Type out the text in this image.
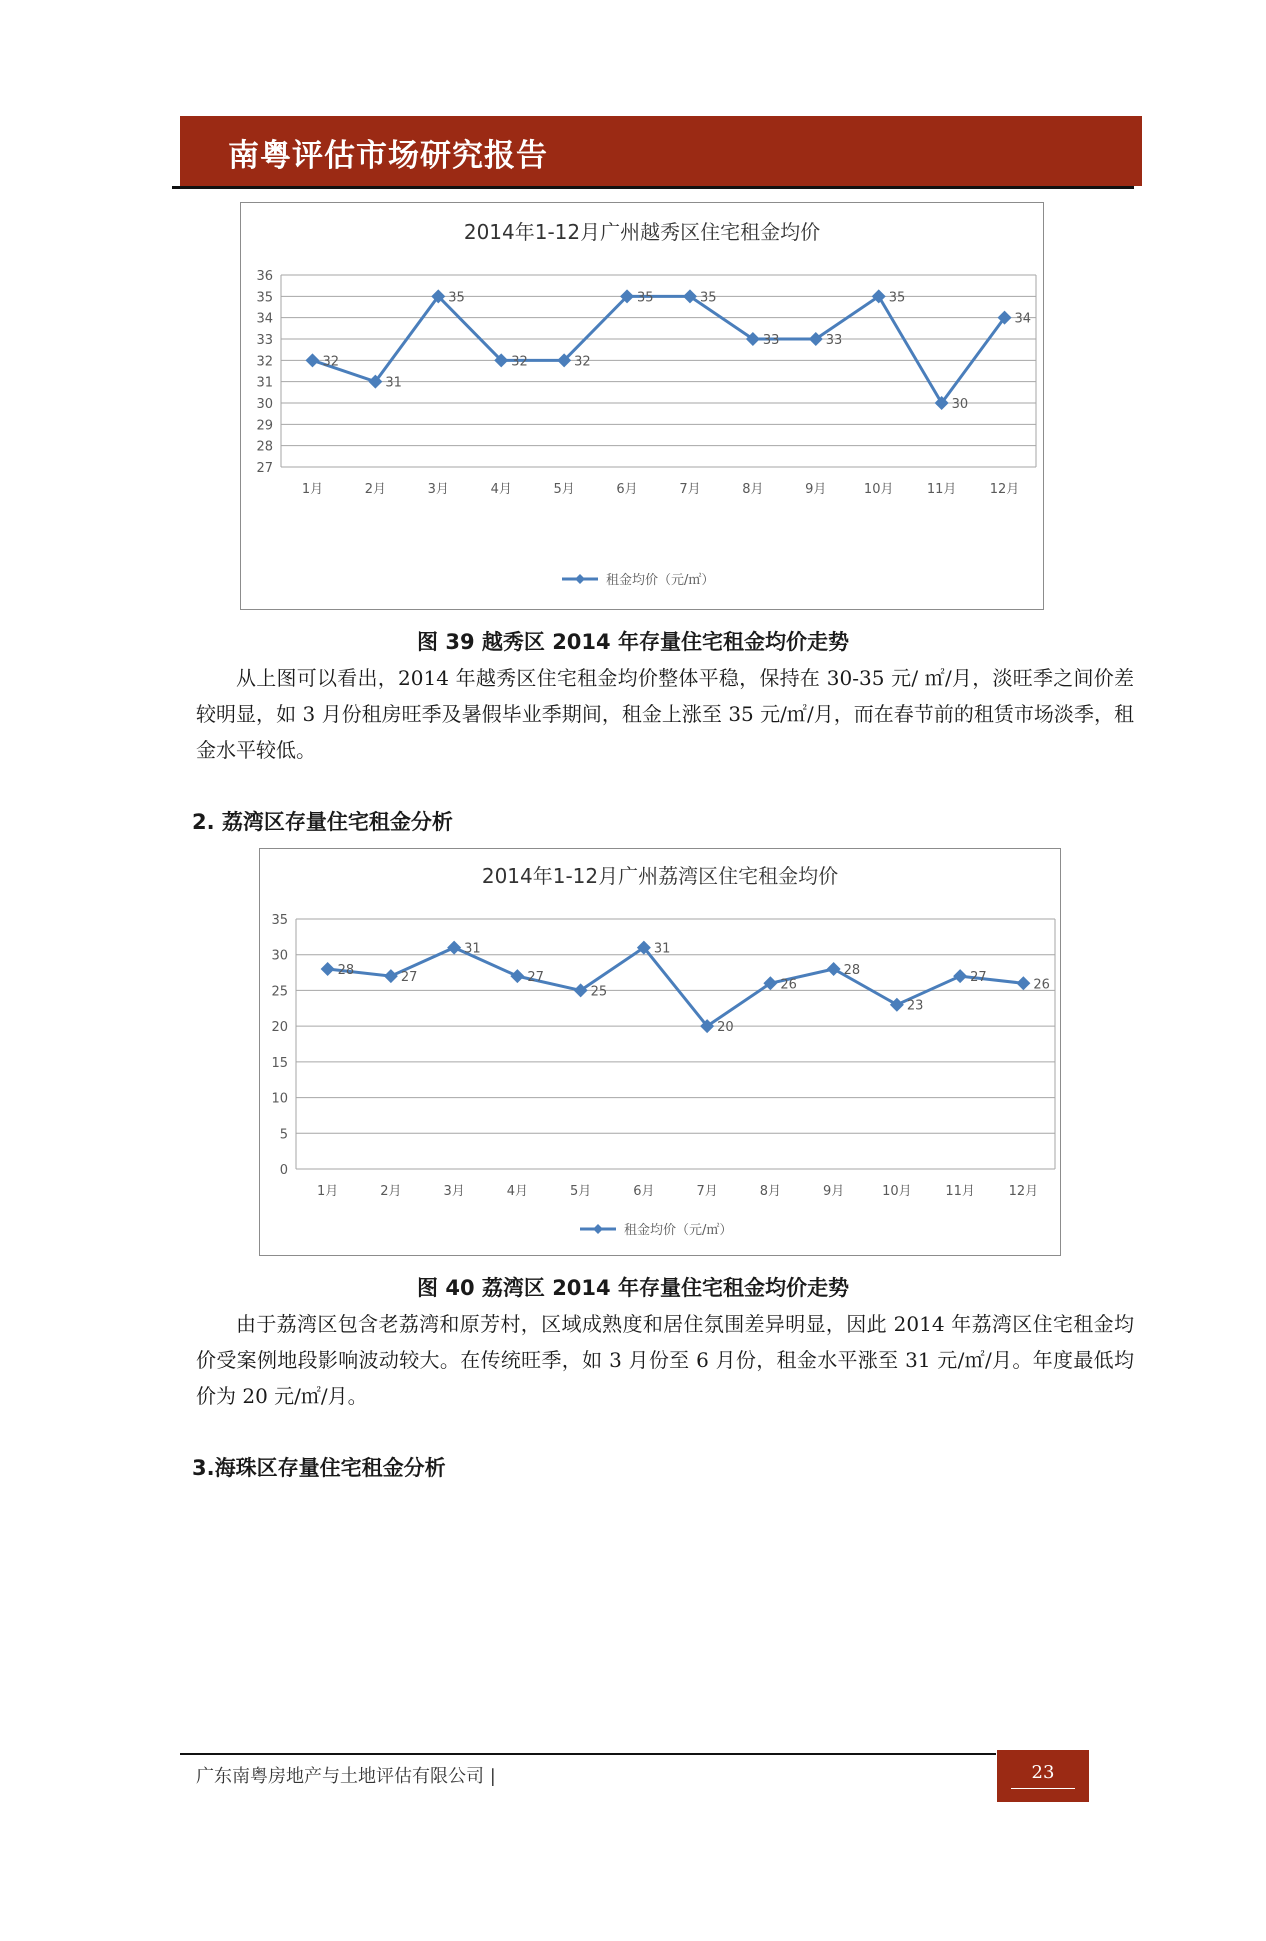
南粤评估市场研究报告
2014年1-12月广州越秀区住宅租金均价
27
28
29
30
31
32
33
34
35
36
1月	2月	3月	4月	5月	6月	7月	8月	9月	10月	11月	12月
32
31
35
32	32
35	35
33	33
35
30
34
租金均价（元/㎡）
图 39 越秀区 2014 年存量住宅租金均价走势
从上图可以看出，2014 年越秀区住宅租金均价整体平稳，保持在 30-35 元/ ㎡/月，淡旺季之间价差较明显，如 3 月份租房旺季及暑假毕业季期间，租金上涨至 35 元/㎡/月，而在春节前的租赁市场淡季，租金水平较低。
2. 荔湾区存量住宅租金分析
2014年1-12月广州荔湾区住宅租金均价
0
5
10
15
20
25
30
35
1月	2月	3月	4月	5月	6月	7月	8月	9月	10月	11月	12月
28	27
31
27
25
31
20
26
28
23
27	26
租金均价（元/㎡）
图 40 荔湾区 2014 年存量住宅租金均价走势
由于荔湾区包含老荔湾和原芳村，区域成熟度和居住氛围差异明显，因此 2014 年荔湾区住宅租金均价受案例地段影响波动较大。在传统旺季，如 3 月份至 6 月份，租金水平涨至 31 元/㎡/月。年度最低均价为 20 元/㎡/月。
3.海珠区存量住宅租金分析
广东南粤房地产与土地评估有限公司 |	23
